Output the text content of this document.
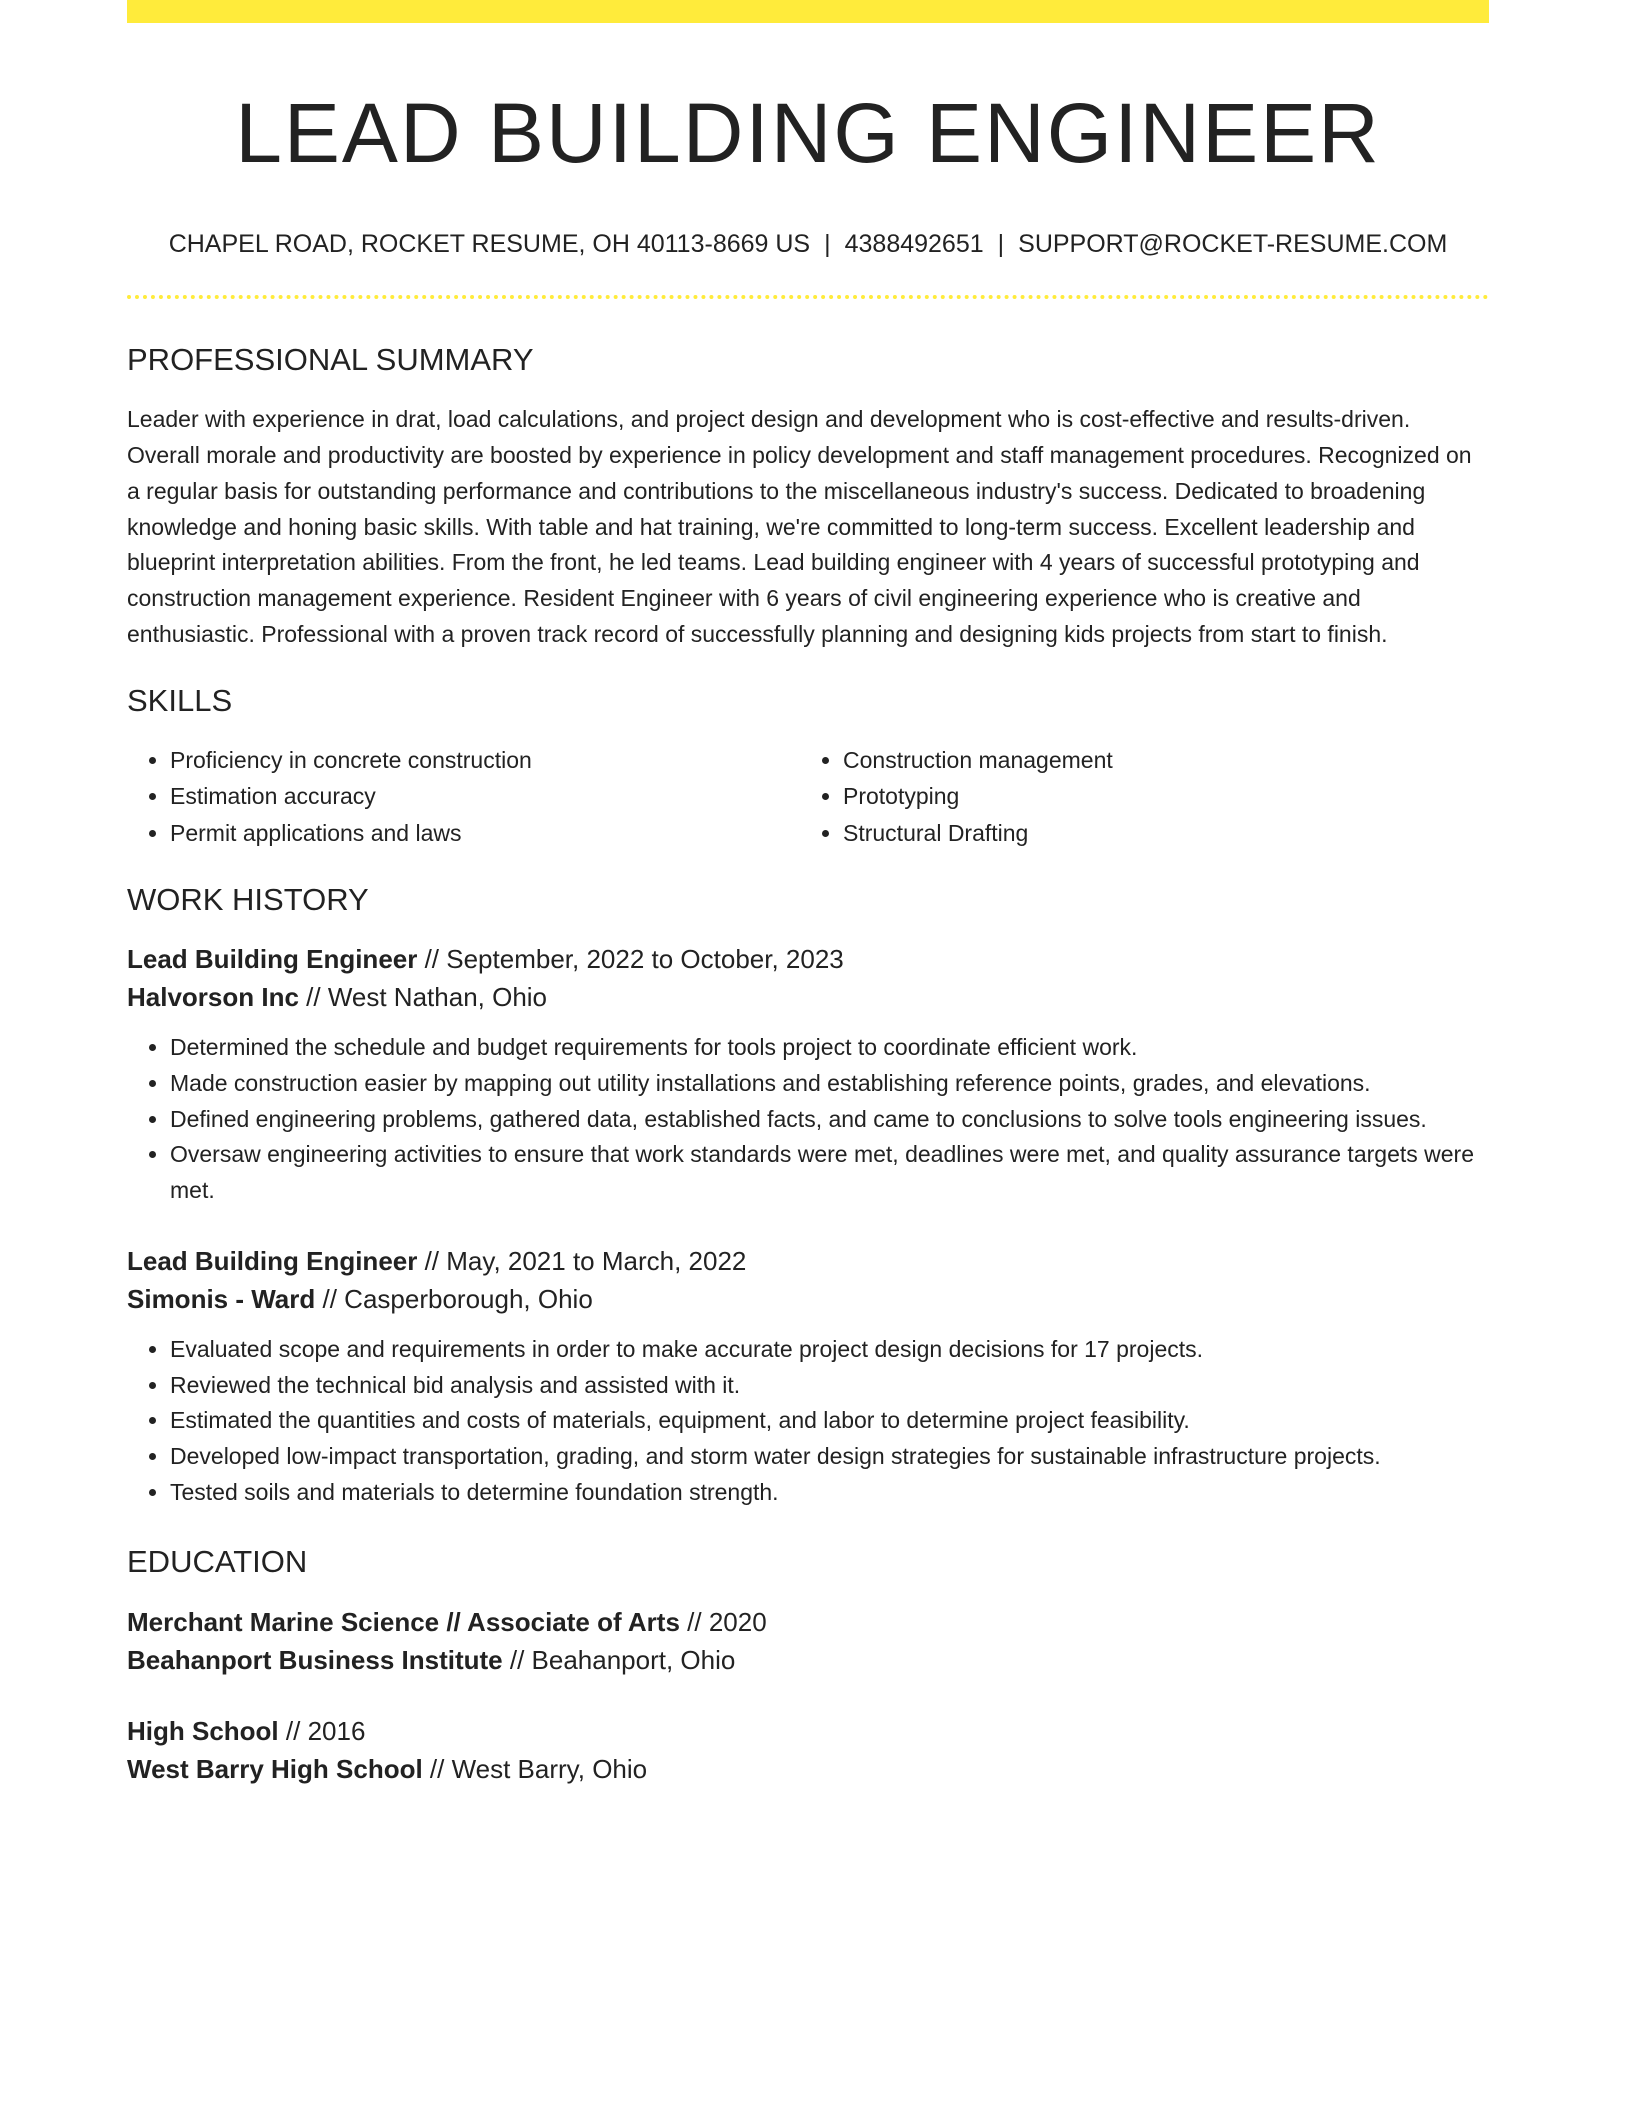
LEAD BUILDING ENGINEER
CHAPEL ROAD, ROCKET RESUME, OH 40113-8669 US | 4388492651 | SUPPORT@ROCKET-RESUME.COM
PROFESSIONAL SUMMARY

Leader with experience in drat, load calculations, and project design and development who is cost-effective and results-driven. Overall morale and productivity are boosted by experience in policy development and staff management procedures. Recognized on a regular basis for outstanding performance and contributions to the miscellaneous industry's success. Dedicated to broadening knowledge and honing basic skills. With table and hat training, we're committed to long-term success. Excellent leadership and blueprint interpretation abilities. From the front, he led teams. Lead building engineer with 4 years of successful prototyping and construction management experience. Resident Engineer with 6 years of civil engineering experience who is creative and enthusiastic. Professional with a proven track record of successfully planning and designing kids projects from start to finish.

SKILLS
• Proficiency in concrete construction
• Estimation accuracy
• Permit applications and laws
• Construction management
• Prototyping
• Structural Drafting
WORK HISTORY
Lead Building Engineer // September, 2022 to October, 2023
Halvorson Inc // West Nathan, Ohio
• Determined the schedule and budget requirements for tools project to coordinate efficient work.
• Made construction easier by mapping out utility installations and establishing reference points, grades, and elevations.
• Defined engineering problems, gathered data, established facts, and came to conclusions to solve tools engineering issues.
• Oversaw engineering activities to ensure that work standards were met, deadlines were met, and quality assurance targets were met.
Lead Building Engineer // May, 2021 to March, 2022
Simonis - Ward // Casperborough, Ohio
• Evaluated scope and requirements in order to make accurate project design decisions for 17 projects.
• Reviewed the technical bid analysis and assisted with it.
• Estimated the quantities and costs of materials, equipment, and labor to determine project feasibility.
• Developed low-impact transportation, grading, and storm water design strategies for sustainable infrastructure projects.
• Tested soils and materials to determine foundation strength.
EDUCATION
Merchant Marine Science // Associate of Arts // 2020
Beahanport Business Institute // Beahanport, Ohio
High School // 2016
West Barry High School // West Barry, Ohio
